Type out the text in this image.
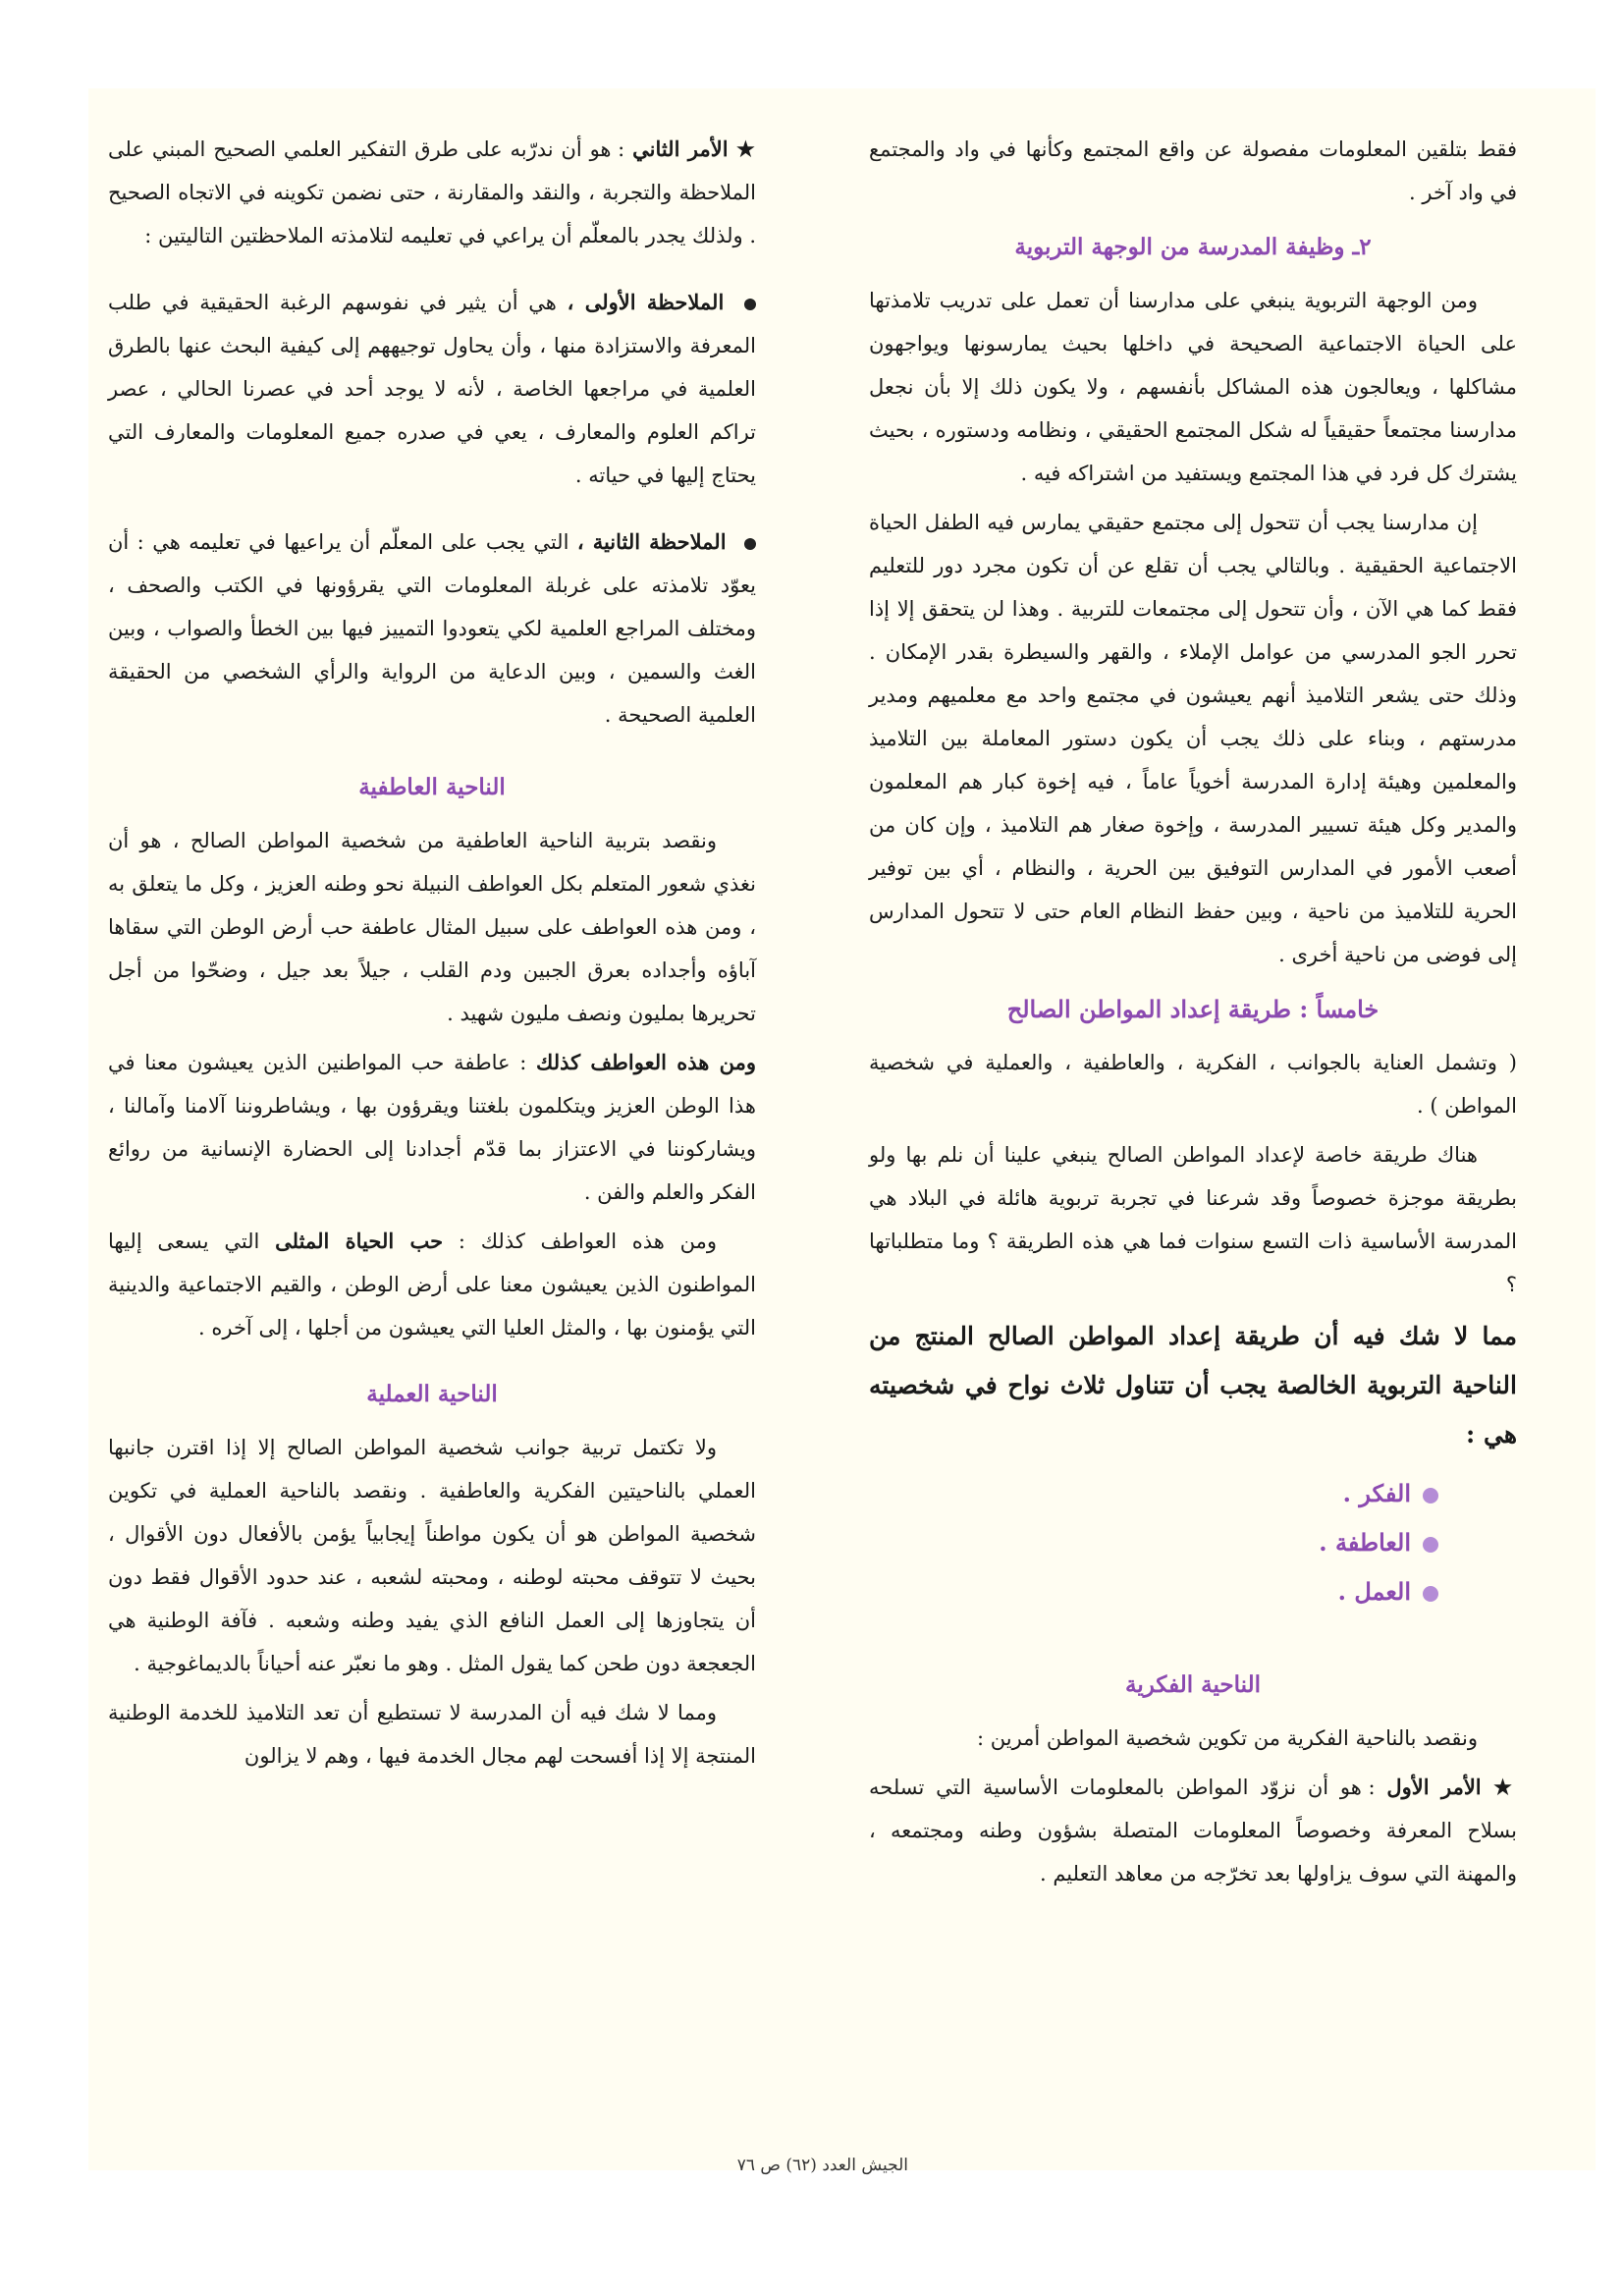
فقط بتلقين المعلومات مفصولة عن واقع المجتمع وكأنها في واد والمجتمع في واد آخر .

٢ـ وظيفة المدرسة من الوجهة التربوية

ومن الوجهة التربوية ينبغي على مدارسنا أن تعمل على تدريب تلامذتها على الحياة الاجتماعية الصحيحة في داخلها بحيث يمارسونها ويواجهون مشاكلها ، ويعالجون هذه المشاكل بأنفسهم ، ولا يكون ذلك إلا بأن نجعل مدارسنا مجتمعاً حقيقياً له شكل المجتمع الحقيقي ، ونظامه ودستوره ، بحيث يشترك كل فرد في هذا المجتمع ويستفيد من اشتراكه فيه .

إن مدارسنا يجب أن تتحول إلى مجتمع حقيقي يمارس فيه الطفل الحياة الاجتماعية الحقيقية . وبالتالي يجب أن تقلع عن أن تكون مجرد دور للتعليم فقط كما هي الآن ، وأن تتحول إلى مجتمعات للتربية . وهذا لن يتحقق إلا إذا تحرر الجو المدرسي من عوامل الإملاء ، والقهر والسيطرة بقدر الإمكان . وذلك حتى يشعر التلاميذ أنهم يعيشون في مجتمع واحد مع معلميهم ومدير مدرستهم ، وبناء على ذلك يجب أن يكون دستور المعاملة بين التلاميذ والمعلمين وهيئة إدارة المدرسة أخوياً عاماً ، فيه إخوة كبار هم المعلمون والمدير وكل هيئة تسيير المدرسة ، وإخوة صغار هم التلاميذ ، وإن كان من أصعب الأمور في المدارس التوفيق بين الحرية ، والنظام ، أي بين توفير الحرية للتلاميذ من ناحية ، وبين حفظ النظام العام حتى لا تتحول المدارس إلى فوضى من ناحية أخرى .

خامساً : طريقة إعداد المواطن الصالح

( وتشمل العناية بالجوانب ، الفكرية ، والعاطفية ، والعملية في شخصية المواطن ) .

هناك طريقة خاصة لإعداد المواطن الصالح ينبغي علينا أن نلم بها ولو بطريقة موجزة خصوصاً وقد شرعنا في تجربة تربوية هائلة في البلاد هي المدرسة الأساسية ذات التسع سنوات فما هي هذه الطريقة ؟ وما متطلباتها ؟

مما لا شك فيه أن طريقة إعداد المواطن الصالح المنتج من الناحية التربوية الخالصة يجب أن تتناول ثلاث نواح في شخصيته هي :

الفكر .
العاطفة .
العمل .
الناحية الفكرية

ونقصد بالناحية الفكرية من تكوين شخصية المواطن أمرين :

★ الأمر الأول : هو أن نزوّد المواطن بالمعلومات الأساسية التي تسلحه بسلاح المعرفة وخصوصاً المعلومات المتصلة بشؤون وطنه ومجتمعه ، والمهنة التي سوف يزاولها بعد تخرّجه من معاهد التعليم .

★ الأمر الثاني : هو أن ندرّبه على طرق التفكير العلمي الصحيح المبني على الملاحظة والتجربة ، والنقد والمقارنة ، حتى نضمن تكوينه في الاتجاه الصحيح . ولذلك يجدر بالمعلّم أن يراعي في تعليمه لتلامذته الملاحظتين التاليتين :

الملاحظة الأولى ، هي أن يثير في نفوسهم الرغبة الحقيقية في طلب المعرفة والاستزادة منها ، وأن يحاول توجيههم إلى كيفية البحث عنها بالطرق العلمية في مراجعها الخاصة ، لأنه لا يوجد أحد في عصرنا الحالي ، عصر تراكم العلوم والمعارف ، يعي في صدره جميع المعلومات والمعارف التي يحتاج إليها في حياته .

الملاحظة الثانية ، التي يجب على المعلّم أن يراعيها في تعليمه هي : أن يعوّد تلامذته على غربلة المعلومات التي يقرؤونها في الكتب والصحف ، ومختلف المراجع العلمية لكي يتعودوا التمييز فيها بين الخطأ والصواب ، وبين الغث والسمين ، وبين الدعاية من الرواية والرأي الشخصي من الحقيقة العلمية الصحيحة .

الناحية العاطفية

ونقصد بتربية الناحية العاطفية من شخصية المواطن الصالح ، هو أن نغذي شعور المتعلم بكل العواطف النبيلة نحو وطنه العزيز ، وكل ما يتعلق به ، ومن هذه العواطف على سبيل المثال عاطفة حب أرض الوطن التي سقاها آباؤه وأجداده بعرق الجبين ودم القلب ، جيلاً بعد جيل ، وضحّوا من أجل تحريرها بمليون ونصف مليون شهيد .

ومن هذه العواطف كذلك : عاطفة حب المواطنين الذين يعيشون معنا في هذا الوطن العزيز ويتكلمون بلغتنا ويقرؤون بها ، ويشاطروننا آلامنا وآمالنا ، ويشاركوننا في الاعتزاز بما قدّم أجدادنا إلى الحضارة الإنسانية من روائع الفكر والعلم والفن .

ومن هذه العواطف كذلك : حب الحياة المثلى التي يسعى إليها المواطنون الذين يعيشون معنا على أرض الوطن ، والقيم الاجتماعية والدينية التي يؤمنون بها ، والمثل العليا التي يعيشون من أجلها ، إلى آخره .

الناحية العملية

ولا تكتمل تربية جوانب شخصية المواطن الصالح إلا إذا اقترن جانبها العملي بالناحيتين الفكرية والعاطفية . ونقصد بالناحية العملية في تكوين شخصية المواطن هو أن يكون مواطناً إيجابياً يؤمن بالأفعال دون الأقوال ، بحيث لا تتوقف محبته لوطنه ، ومحبته لشعبه ، عند حدود الأقوال فقط دون أن يتجاوزها إلى العمل النافع الذي يفيد وطنه وشعبه . فآفة الوطنية هي الجعجعة دون طحن كما يقول المثل . وهو ما نعبّر عنه أحياناً بالديماغوجية .

ومما لا شك فيه أن المدرسة لا تستطيع أن تعد التلاميذ للخدمة الوطنية المنتجة إلا إذا أفسحت لهم مجال الخدمة فيها ، وهم لا يزالون

الجيش العدد (٦٢) ص ٧٦
